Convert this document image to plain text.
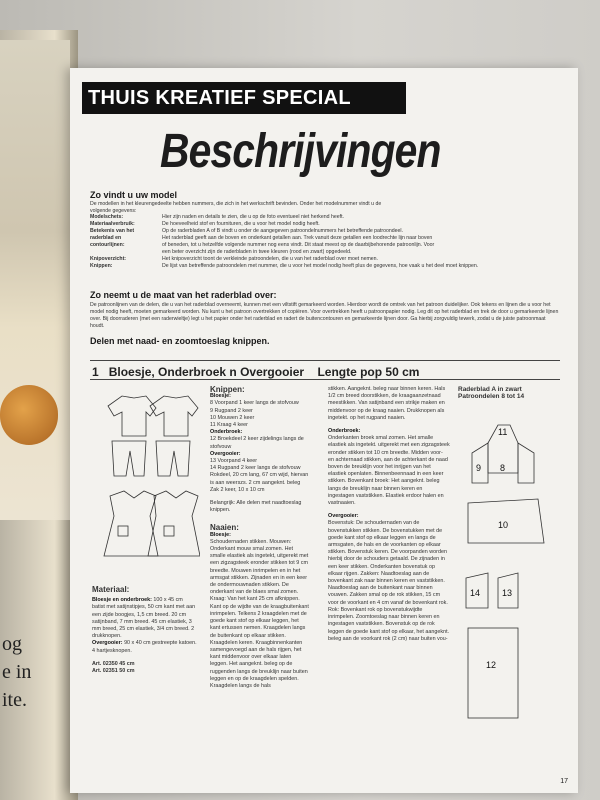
og
e in
ite.
THUIS KREATIEF SPECIAL
Beschrijvingen
Zo vindt u uw model
De modellen in het kleurengedeelte hebben nummers, die zich in het werkschrift bevinden. Onder het modelnummer vindt u de volgende gegevens:
Modelschets:	Hier zijn naden en details te zien, die u op de foto eventueel niet herkend heeft.
Materiaalverbruik:	De hoeveelheid stof en fournituren, die u voor het model nodig heeft.
Betekenis van het	Op de raderbladen A of B vindt u onder de aangegeven patroondelnummers het betreffende patroondeel.
raderblad en	Het raderblad geeft aan de boven en onderkant getallen aan. Trek vanuit deze getallen een loodrechte lijn naar boven
contourlijnen:	of beneden, tot u hetzelfde volgende nummer nog eens vindt. Dit staat meest op de daarbijbehorende patroonlijn. Voor
een beter overzicht zijn de raderbladen in twee kleuren (rood en zwart) opgedeeld.
Knipoverzicht:	Het knipoverzicht toont de verkleinde patroondelen, die u van het raderblad over moet nemen.
Knippen:	De lijst van betreffende patroondelen met nummer, die u voor het model nodig heeft plus de gegevens, hoe vaak u het deel moet knippen.
Zo neemt u de maat van het raderblad over:
De patroonlijnen van de delen, die u van het raderblad overneemt, kunnen met een viltstift gemarkeerd worden. Hierdoor wordt de omtrek van het patroon duidelijker. Ook tekens en lijnen die u voor het model nodig heeft, moeten gemarkeerd worden. Nu kunt u het patroon overtrekken of copiëren. Voor overtrekken heeft u patroonpapier nodig. Leg dit op het raderblad en trek de door u gemarkeerde lijnen over. Bij doorraderen (met een raderwieltje) legt u het papier onder het raderblad en radert de buitencontouren en gemarkeerde lijnen door. Ga hierbij zorgvuldig tewerk, zodat u de juiste patroonmaat houdt.
Delen met naad- en zoomtoeslag knippen.
1 Bloesje, Onderbroek n Overgooier Lengte pop 50 cm
Materiaal:
Bloesje en onderbroek: 100 x 45 cm batist met satijnstipjes, 50 cm kant met aan een zijde boogjes, 1,5 cm breed. 20 cm satijnband, 7 mm breed. 45 cm elastiek, 3 mm breed, 25 cm elastiek, 3/4 cm breed. 2 drukknopen.
Overgooier: 90 x 40 cm gestreepte katoen. 4 hartjesknopen.
Art. 02350 45 cm
Art. 02351 50 cm
Knippen:
Bloesje:
8 Voorpand 1 keer langs de stofvouw
9 Rugpand 2 keer
10 Mouwen 2 keer
11 Kraag 4 keer
Onderbroek:
12 Broekdeel 2 keer zijdelings langs de stofvouw
Overgooier:
13 Voorpand 4 keer
14 Rugpand 2 keer langs de stofvouw
Rokdeel, 20 cm lang, 67 cm wijd, hiervan is aan weerszs. 2 cm aangeknt. beleg
Zak 2 keer, 10 x 10 cm
Belangrijk: Alle delen met naadtoeslag knippen.
Naaien:
Bloesje:
Schoudernaden stikken. Mouwen: Onderkant mouw smal zomen. Het smalle elastiek als ingetekt, uitgerekt met een zigzagsteek eronder stikken tot 9 cm breedte. Mouwen inrimpelen en in het armsgat stikken. Zijnaden en in een keer de ondermouwnaden stikken. De onderkant van de blaes smal zomen. Kraag: Van het kant 25 cm afknippen. Kant op de wijdte van de kraagbuitenkant inrimpelen. Telkens 2 kraagdelen met de goede kant stof op elkaar leggen, het kant ertussen nemen. Kraagdelen langs de buitenkant op elkaar stikken. Kraagdelen keren. Kraagbinnenkanten samengevoegd aan de hals rijgen, het kant middenvoor over elkaar laten leggen. Het aangeknt. beleg op de ruggenden langs de breuklijn naar buiten leggen en op de kraagdelen spelden. Kraagdelen langs de hals
stikken. Aangeknt. beleg naar binnen keren. Hals 1/2 cm breed doorstikken, de kraagaanzetnaad meestikken. Van satijnband een strikje maken en middenvoor op de kraag naaien. Drukknopen als ingetekt. op het rugpand naaien.
Onderbroek:
Onderkanten broek smal zomen. Het smalle elastiek als ingetekt. uitgerekt met een zigzagsteek eronder stikken tot 10 cm breedte. Midden voor- en achternaad stikken, aan de achterkant de naad boven de breuklijn voor het inrijgen van het elastiek openlaten. Binnenbeennaad in een keer stikken. Bovenkant broek: Het aangeknt. beleg langs de breuklijn naar binnen keren en ingestagen vaststikken. Elastiek erdoor halen en vastnaaien.
Overgooier:
Bovenstuk: De schoudernaden van de bovenstukken stikken. De bovenstukken met de goede kant stof op elkaar leggen en langs de armsgaten, de hals en de voorkanten op elkaar stikken. Bovenstuk keren. De voorpanden worden hierbij door de schouders getaald. De zijnaden in een keer stikken. Onderkanten bovenstuk op elkaar rijgen. Zakken: Naadtoeslag aan de bovenkant zak naar binnen keren en vaststikken. Naadtoeslag aan de buitenkant naar binnen vouwen. Zakken smal op de rok stikken, 15 cm voor de voorkant en 4 cm vanaf de bovenkant rok. Rok: Bovenkant rok op bovenstukwijdte inrimpelen. Zoomtoeslag naar binnen keren en ingestagen vaststikken. Bovenstuk op de rok leggen de goede kant stof op elkaar, het aangeknt. beleg aan de voorkant rok (2 cm) naar buiten vou-
Raderblad A in zwart
Patroondelen 8 tot 14
11
9 8
10
14 13
12
17
